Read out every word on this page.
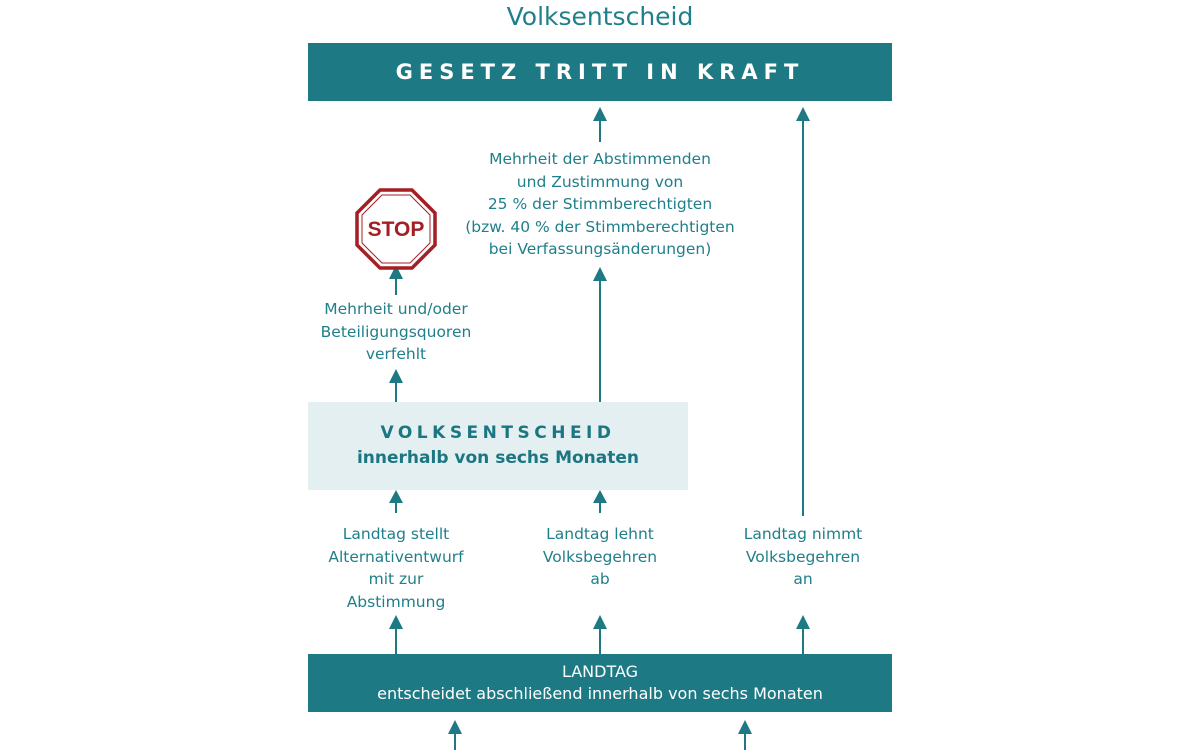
Volksentscheid
GESETZ TRITT IN KRAFT
STOP
Mehrheit und/oder
Beteiligungsquoren
verfehlt
Mehrheit der Abstimmenden
und Zustimmung von
25 % der Stimmberechtigten
(bzw. 40 % der Stimmberechtigten
bei Verfassungsänderungen)
VOLKSENTSCHEID
innerhalb von sechs Monaten
Landtag stellt
Alternativentwurf
mit zur
Abstimmung
Landtag lehnt
Volksbegehren
ab
Landtag nimmt
Volksbegehren
an
LANDTAG
entscheidet abschließend innerhalb von sechs Monaten
